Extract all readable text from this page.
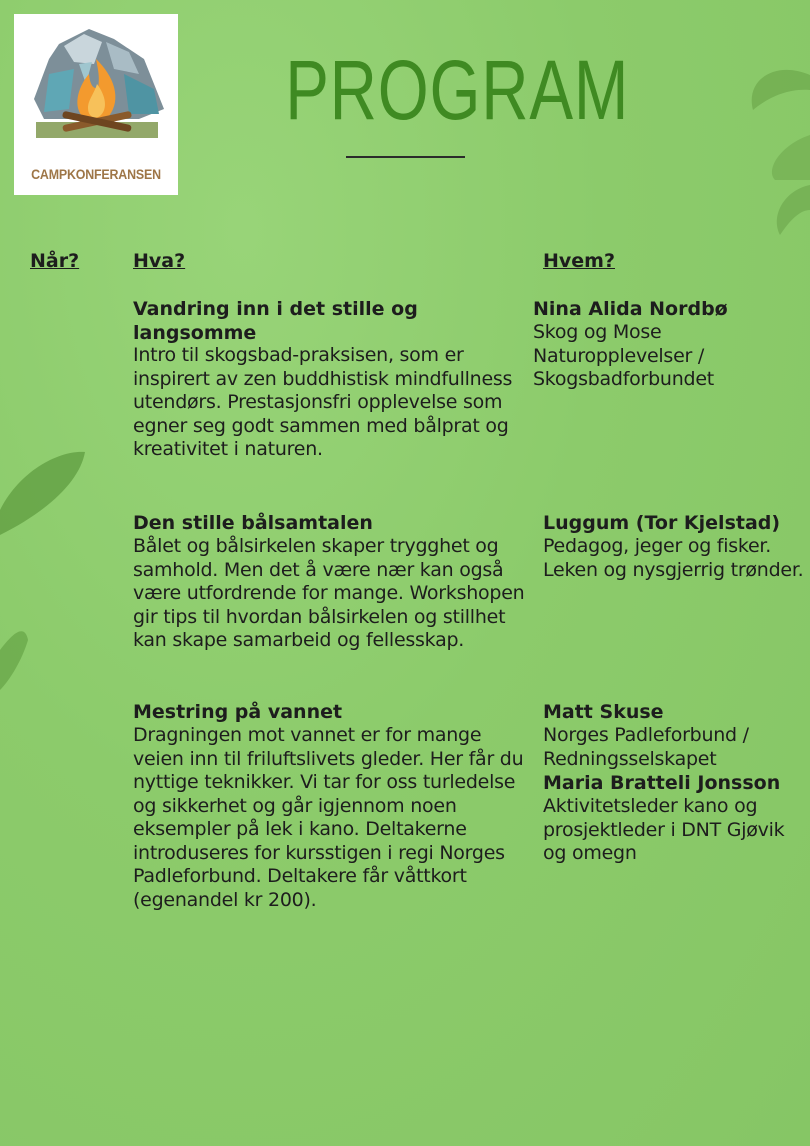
CAMPKONFERANSEN
PROGRAM
Når?	Hva?	Hvem?
Vandring inn i det stille og langsomme
Intro til skogsbad-praksisen, som er inspirert av zen buddhistisk mindfullness utendørs. Prestasjonsfri opplevelse som egner seg godt sammen med bålprat og kreativitet i naturen.
Nina Alida Nordbø
Skog og Mose Naturopplevelser / Skogsbadforbundet
Den stille bålsamtalen
Bålet og bålsirkelen skaper trygghet og samhold. Men det å være nær kan også være utfordrende for mange. Workshopen gir tips til hvordan bålsirkelen og stillhet kan skape samarbeid og fellesskap.
Luggum (Tor Kjelstad)
Pedagog, jeger og fisker. Leken og nysgjerrig trønder.
Mestring på vannet
Dragningen mot vannet er for mange veien inn til friluftslivets gleder. Her får du nyttige teknikker. Vi tar for oss turledelse og sikkerhet og går igjennom noen eksempler på lek i kano. Deltakerne introduseres for kursstigen i regi Norges Padleforbund. Deltakere får våttkort (egenandel kr 200).
Matt Skuse
Norges Padleforbund / Redningsselskapet
Maria Bratteli Jonsson
Aktivitetsleder kano og prosjektleder i DNT Gjøvik og omegn
